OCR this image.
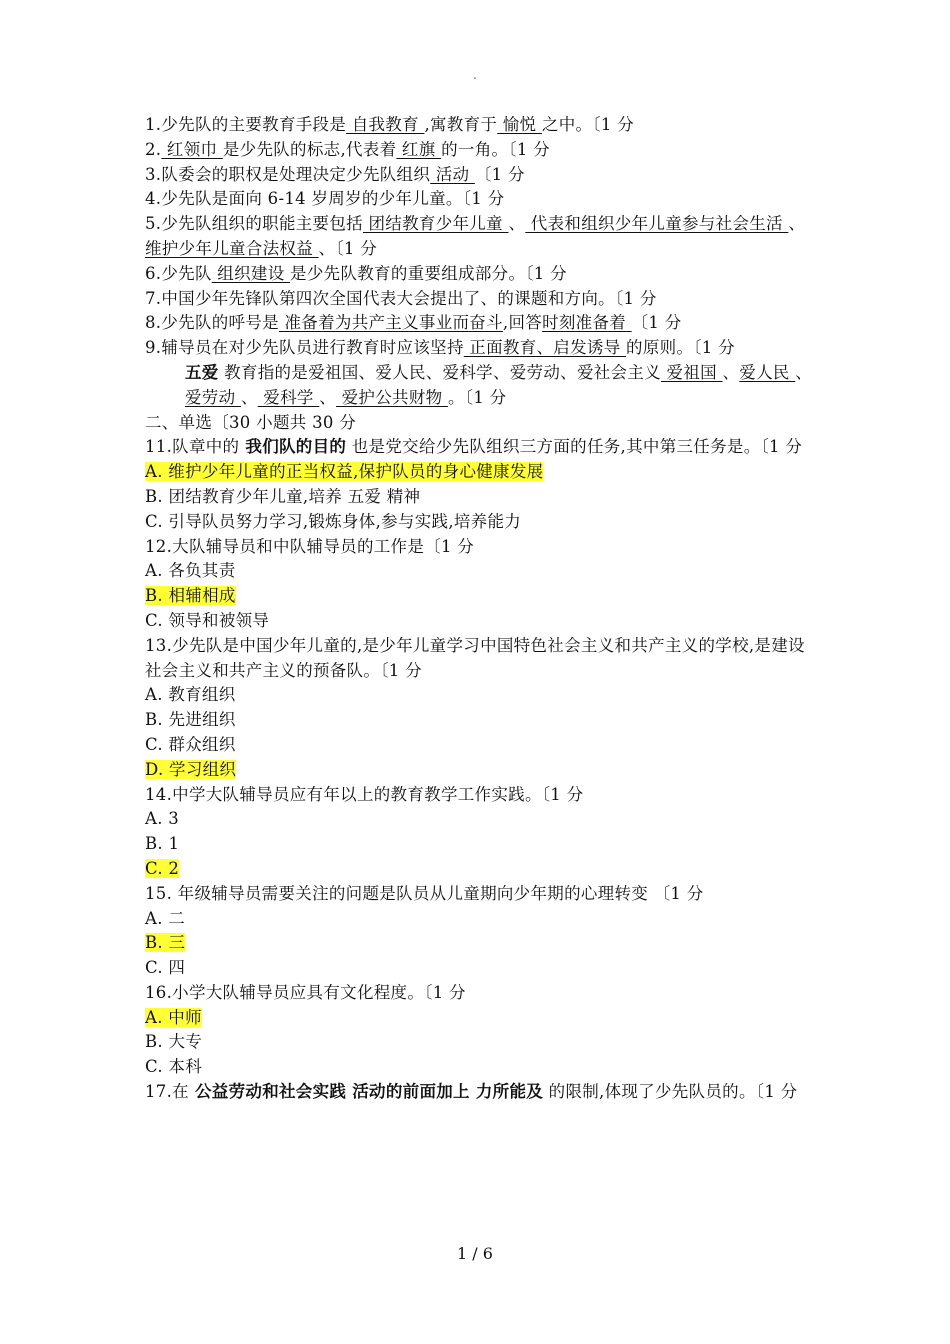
.
1.少先队的主要教育手段是 自我教育 ,寓教育于 愉悦 之中。〔1 分
2. 红领巾 是少先队的标志,代表着 红旗 的一角。〔1 分
3.队委会的职权是处理决定少先队组织 活动 〔1 分
4.少先队是面向 6-14 岁周岁的少年儿童。〔1 分
5.少先队组织的职能主要包括 团结教育少年儿童 、 代表和组织少年儿童参与社会生活 、 维护少年儿童合法权益 、〔1 分
6.少先队 组织建设 是少先队教育的重要组成部分。〔1 分
7.中国少年先锋队第四次全国代表大会提出了、的课题和方向。〔1 分
8.少先队的呼号是 准备着为共产主义事业而奋斗,回答时刻准备着 〔1 分
9.辅导员在对少先队员进行教育时应该坚持 正面教育、启发诱导 的原则。〔1 分
五爱 教育指的是爱祖国、爱人民、爱科学、爱劳动、爱社会主义 爱祖国 、爱人民 、 爱劳动 、 爱科学 、 爱护公共财物 。〔1 分
二、单选〔30 小题共 30 分
11.队章中的 我们队的目的 也是党交给少先队组织三方面的任务,其中第三任务是。〔1 分
A. 维护少年儿童的正当权益,保护队员的身心健康发展
B. 团结教育少年儿童,培养 五爱 精神
C. 引导队员努力学习,锻炼身体,参与实践,培养能力
12.大队辅导员和中队辅导员的工作是〔1 分
A. 各负其责
B. 相辅相成
C. 领导和被领导
13.少先队是中国少年儿童的,是少年儿童学习中国特色社会主义和共产主义的学校,是建设社会主义和共产主义的预备队。〔1 分
A. 教育组织
B. 先进组织
C. 群众组织
D. 学习组织
14.中学大队辅导员应有年以上的教育教学工作实践。〔1 分
A. 3
B. 1
C. 2
15. 年级辅导员需要关注的问题是队员从儿童期向少年期的心理转变 〔1 分
A. 二
B. 三
C. 四
16.小学大队辅导员应具有文化程度。〔1 分
A. 中师
B. 大专
C. 本科
17.在 公益劳动和社会实践 活动的前面加上 力所能及 的限制,体现了少先队员的。〔1 分
1 / 6
